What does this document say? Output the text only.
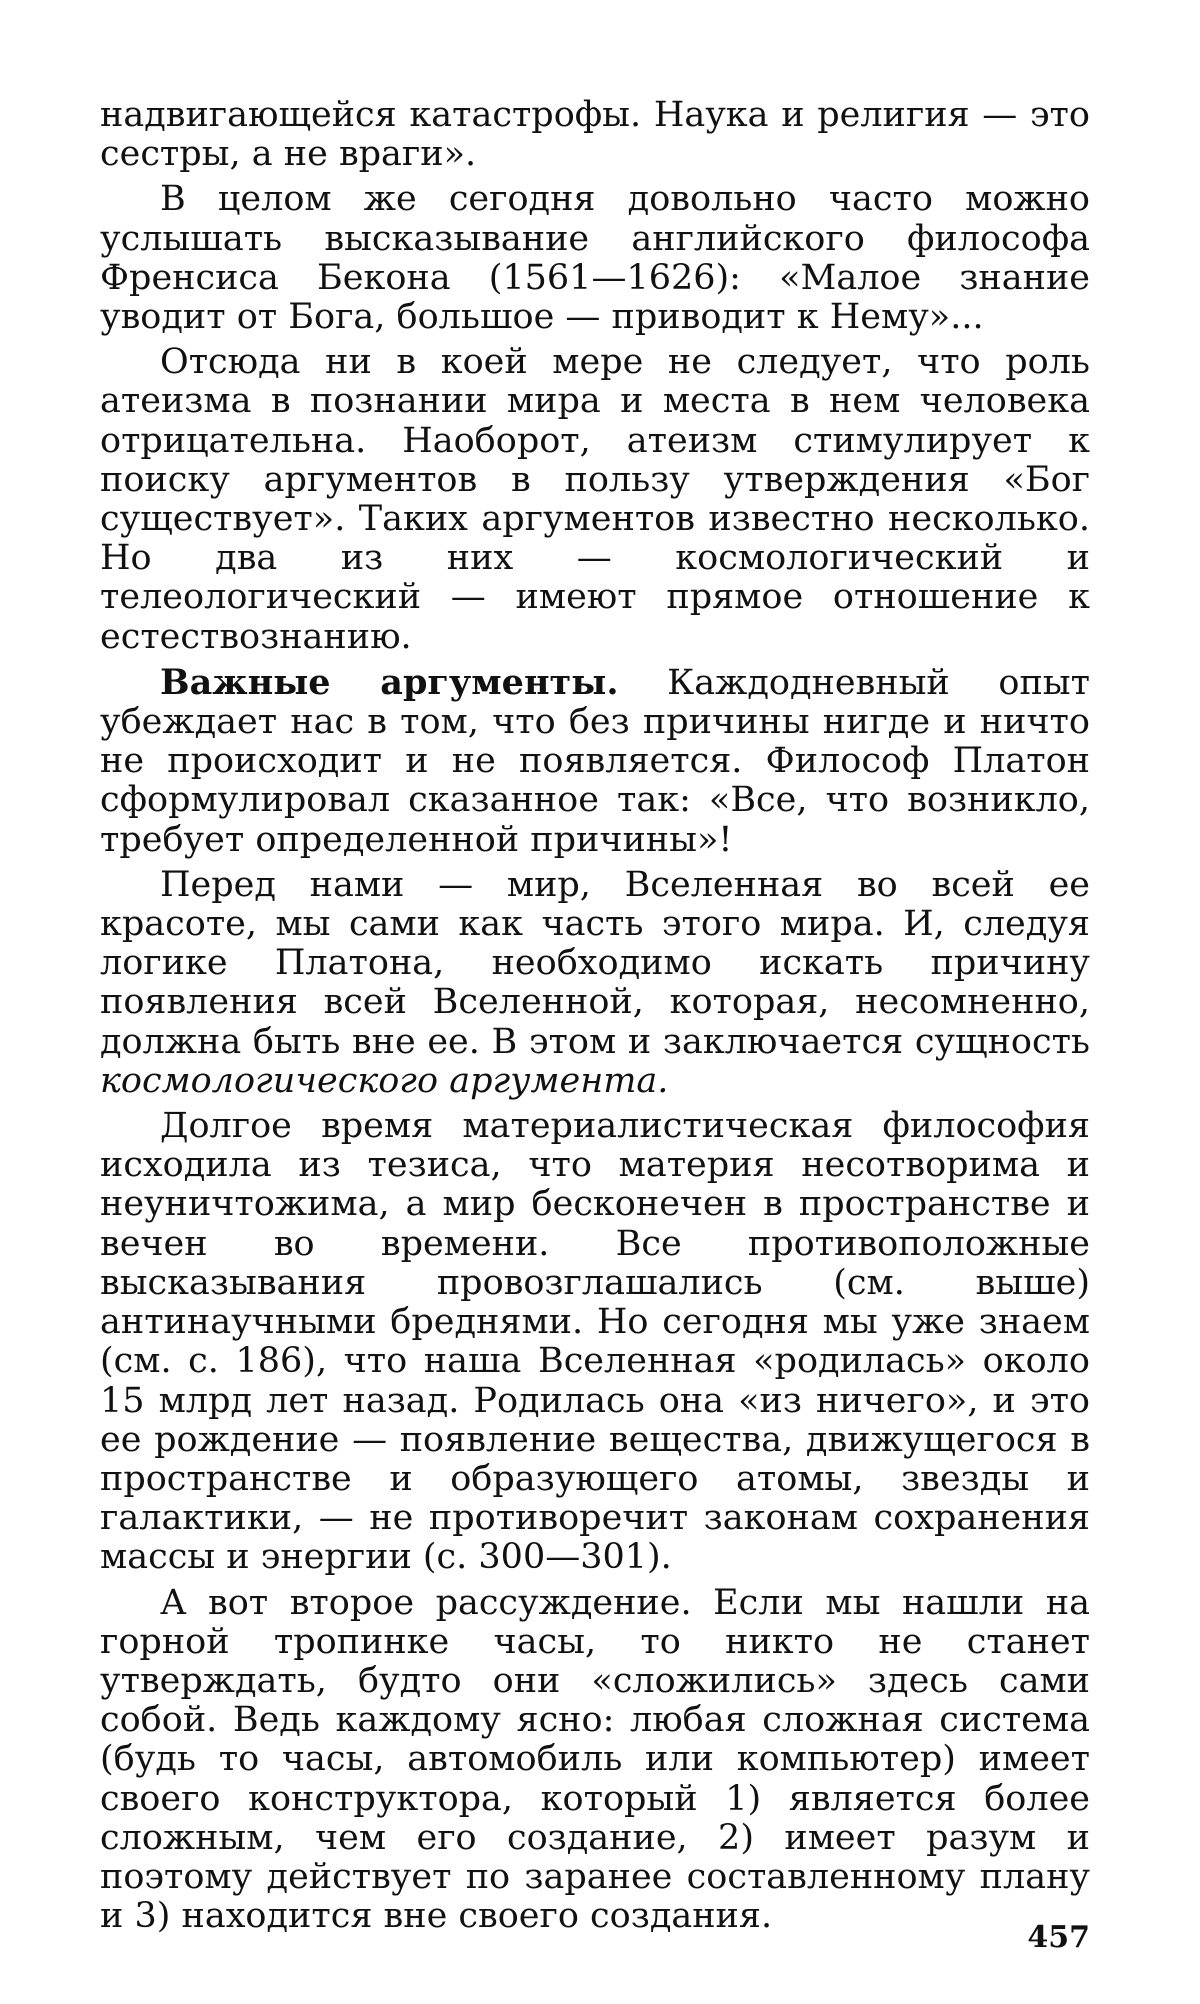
надвигающейся катастрофы. Наука и религия — это сестры, а не враги».

В целом же сегодня довольно часто можно услышать высказывание английского философа Френсиса Бекона (1561—1626): «Малое знание уводит от Бога, большое — приводит к Нему»...

Отсюда ни в коей мере не следует, что роль атеизма в познании мира и места в нем человека отрицательна. Наоборот, атеизм стимулирует к поиску аргументов в пользу утверждения «Бог существует». Таких аргументов известно несколько. Но два из них — космологический и телеологический — имеют прямое отношение к естествознанию.

Важные аргументы. Каждодневный опыт убеждает нас в том, что без причины нигде и ничто не происходит и не появляется. Философ Платон сформулировал сказанное так: «Все, что возникло, требует определенной причины»!

Перед нами — мир, Вселенная во всей ее красоте, мы сами как часть этого мира. И, следуя логике Платона, необходимо искать причину появления всей Вселенной, которая, несомненно, должна быть вне ее. В этом и заключается сущность космологического аргумента.

Долгое время материалистическая философия исходила из тезиса, что материя несотворима и неуничтожима, а мир бесконечен в пространстве и вечен во времени. Все противоположные высказывания провозглашались (см. выше) антинаучными бреднями. Но сегодня мы уже знаем (см. с. 186), что наша Вселенная «родилась» около 15 млрд лет назад. Родилась она «из ничего», и это ее рождение — появление вещества, движущегося в пространстве и образующего атомы, звезды и галактики, — не противоречит законам сохранения массы и энергии (с. 300—301).

А вот второе рассуждение. Если мы нашли на горной тропинке часы, то никто не станет утверждать, будто они «сложились» здесь сами собой. Ведь каждому ясно: любая сложная система (будь то часы, автомобиль или компьютер) имеет своего конструктора, который 1) является более сложным, чем его создание, 2) имеет разум и поэтому действует по заранее составленному плану и 3) находится вне своего создания.

457
